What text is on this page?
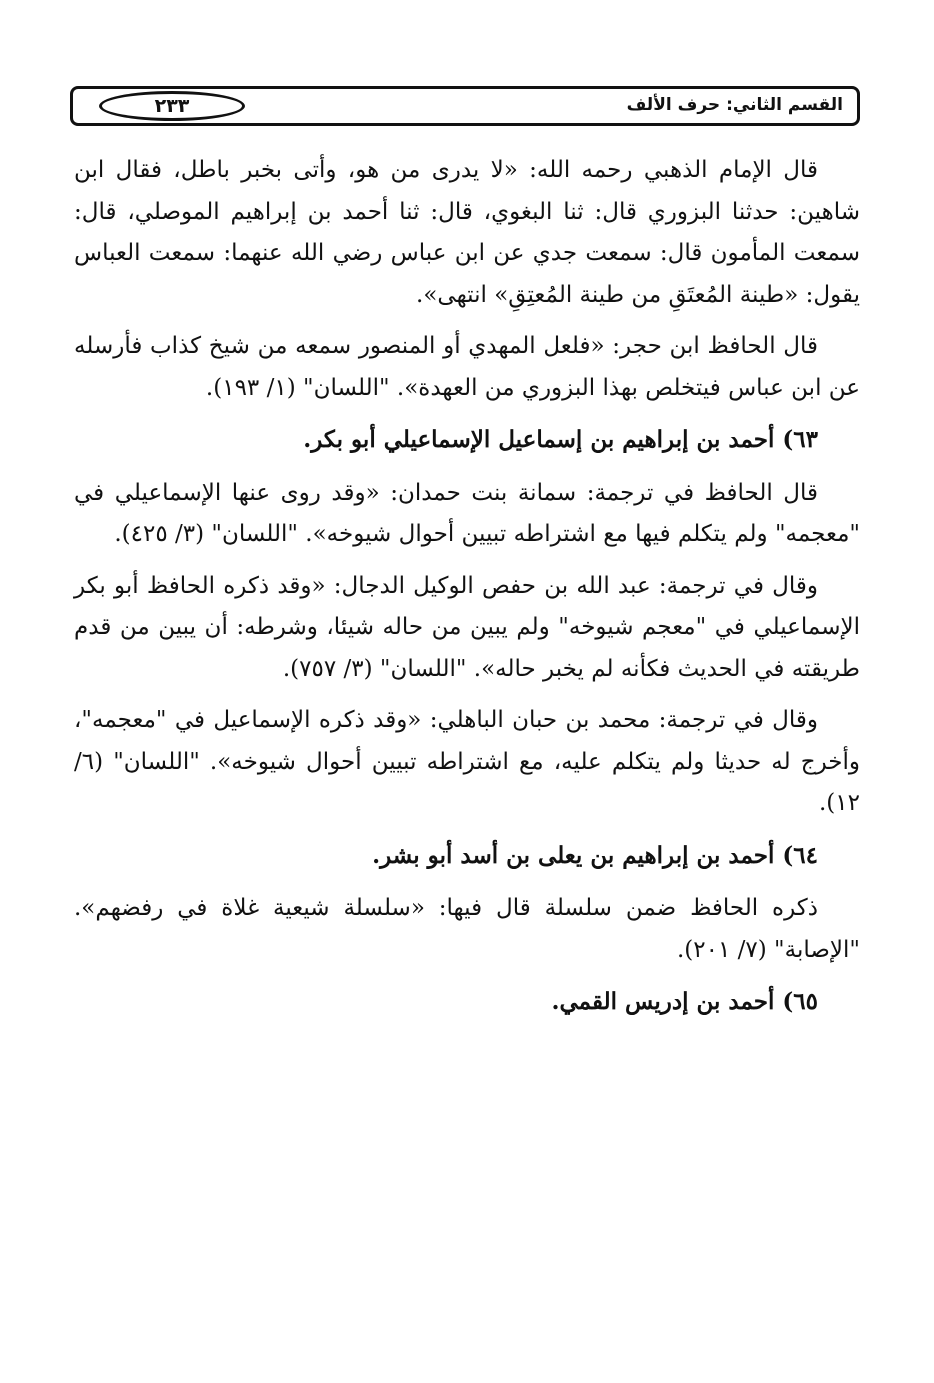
٢٣٣	القسم الثاني: حرف الألف

قال الإمام الذهبي رحمه الله: «لا يدرى من هو، وأتى بخبر باطل، فقال ابن شاهين: حدثنا البزوري قال: ثنا البغوي، قال: ثنا أحمد بن إبراهيم الموصلي، قال: سمعت المأمون قال: سمعت جدي عن ابن عباس رضي الله عنهما: سمعت العباس يقول: «طينة المُعتَقِ من طينة المُعتِقِ» انتهى».

قال الحافظ ابن حجر: «فلعل المهدي أو المنصور سمعه من شيخ كذاب فأرسله عن ابن عباس فيتخلص بهذا البزوري من العهدة». "اللسان" (١/ ١٩٣).

٦٣) أحمد بن إبراهيم بن إسماعيل الإسماعيلي أبو بكر.

قال الحافظ في ترجمة: سمانة بنت حمدان: «وقد روى عنها الإسماعيلي في "معجمه" ولم يتكلم فيها مع اشتراطه تبيين أحوال شيوخه». "اللسان" (٣/ ٤٢٥).

وقال في ترجمة: عبد الله بن حفص الوكيل الدجال: «وقد ذكره الحافظ أبو بكر الإسماعيلي في "معجم شيوخه" ولم يبين من حاله شيئا، وشرطه: أن يبين من قدم طريقته في الحديث فكأنه لم يخبر حاله». "اللسان" (٣/ ٧٥٧).

وقال في ترجمة: محمد بن حبان الباهلي: «وقد ذكره الإسماعيل في "معجمه"، وأخرج له حديثا ولم يتكلم عليه، مع اشتراطه تبيين أحوال شيوخه». "اللسان" (٦/ ١٢).

٦٤) أحمد بن إبراهيم بن يعلى بن أسد أبو بشر.

ذكره الحافظ ضمن سلسلة قال فيها: «سلسلة شيعية غلاة في رفضهم». "الإصابة" (٧/ ٢٠١).

٦٥) أحمد بن إدريس القمي.
